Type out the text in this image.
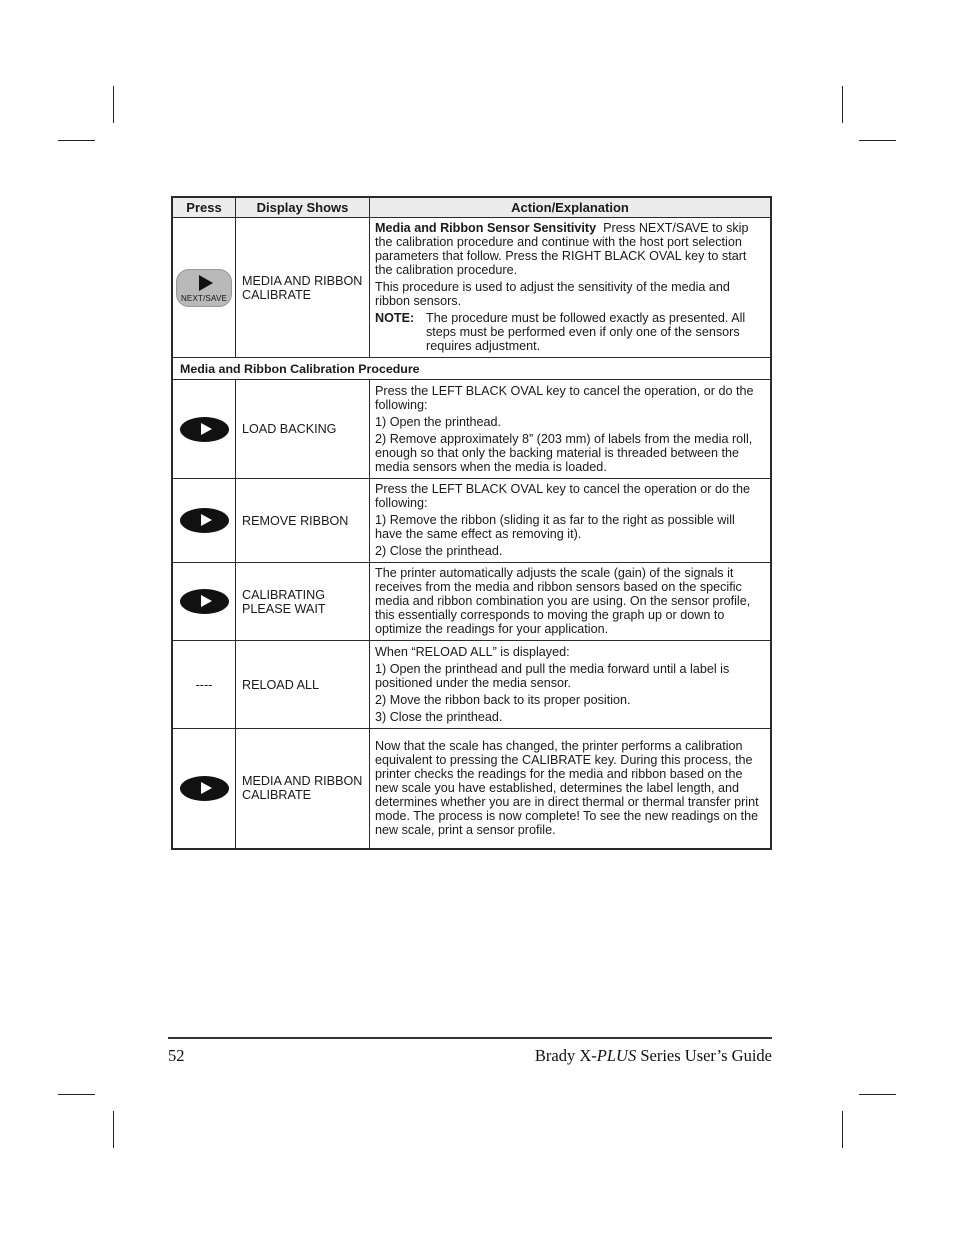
Press	Display Shows	Action/Explanation

NEXT/SAVE	MEDIA AND RIBBON CALIBRATE	Media and Ribbon Sensor Sensitivity Press NEXT/SAVE to skip the calibration procedure and continue with the host port selection parameters that follow. Press the RIGHT BLACK OVAL key to start the calibration procedure.

This procedure is used to adjust the sensitivity of the media and ribbon sensors.

NOTE: The procedure must be followed exactly as presented. All steps must be performed even if only one of the sensors requires adjustment.

Media and Ribbon Calibration Procedure		
	LOAD BACKING	Press the LEFT BLACK OVAL key to cancel the operation, or do the following:

1) Open the printhead.

2) Remove approximately 8” (203 mm) of labels from the media roll, enough so that only the backing material is threaded between the media sensors when the media is loaded.

	REMOVE RIBBON	Press the LEFT BLACK OVAL key to cancel the operation or do the following:

1) Remove the ribbon (sliding it as far to the right as possible will have the same effect as removing it).

2) Close the printhead.

	CALIBRATING PLEASE WAIT	The printer automatically adjusts the scale (gain) of the signals it receives from the media and ribbon sensors based on the specific media and ribbon combination you are using. On the sensor profile, this essentially corresponds to moving the graph up or down to optimize the readings for your application.

----	RELOAD ALL	When “RELOAD ALL” is displayed:

1) Open the printhead and pull the media forward until a label is positioned under the media sensor.

2) Move the ribbon back to its proper position.

3) Close the printhead.

	MEDIA AND RIBBON CALIBRATE	Now that the scale has changed, the printer performs a calibration equivalent to pressing the CALIBRATE key. During this process, the printer checks the readings for the media and ribbon based on the new scale you have established, determines the label length, and determines whether you are in direct thermal or thermal transfer print mode. The process is now complete! To see the new readings on the new scale, print a sensor profile.

52	Brady X-PLUS Series User’s Guide
